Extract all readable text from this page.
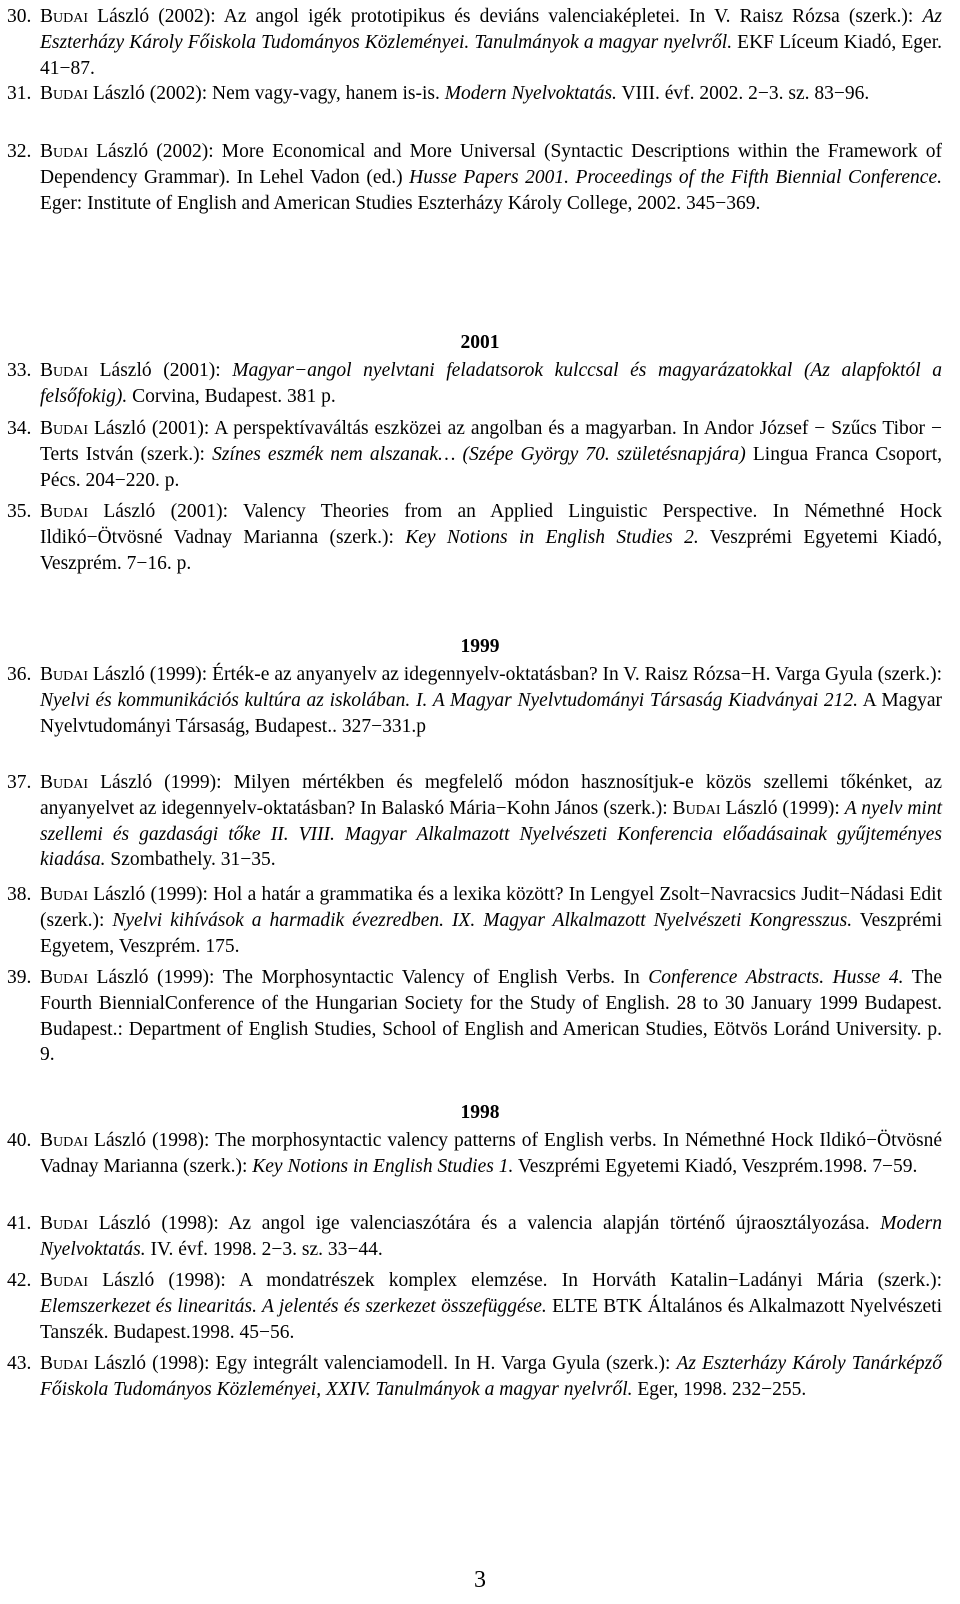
30. Budai László (2002): Az angol igék prototipikus és deviáns valenciaképletei. In V. Raisz Rózsa (szerk.): Az Eszterházy Károly Főiskola Tudományos Közleményei. Tanulmányok a magyar nyelvről. EKF Líceum Kiadó, Eger. 41−87.
31. Budai László (2002): Nem vagy-vagy, hanem is-is. Modern Nyelvoktatás. VIII. évf. 2002. 2−3. sz. 83−96.
32. Budai László (2002): More Economical and More Universal (Syntactic Descriptions within the Framework of Dependency Grammar). In Lehel Vadon (ed.) Husse Papers 2001. Proceedings of the Fifth Biennial Conference. Eger: Institute of English and American Studies Eszterházy Károly College, 2002. 345−369.
2001
33. Budai László (2001): Magyar−angol nyelvtani feladatsorok kulccsal és magyarázatokkal (Az alapfoktól a felsőfokig). Corvina, Budapest. 381 p.
34. Budai László (2001): A perspektívaváltás eszközei az angolban és a magyarban. In Andor József − Szűcs Tibor − Terts István (szerk.): Színes eszmék nem alszanak… (Szépe György 70. születésnapjára) Lingua Franca Csoport, Pécs. 204−220. p.
35. Budai László (2001): Valency Theories from an Applied Linguistic Perspective. In Némethné Hock Ildikó−Ötvösné Vadnay Marianna (szerk.): Key Notions in English Studies 2. Veszprémi Egyetemi Kiadó, Veszprém. 7−16. p.
1999
36. Budai László (1999): Érték-e az anyanyelv az idegennyelv-oktatásban? In V. Raisz Rózsa−H. Varga Gyula (szerk.): Nyelvi és kommunikációs kultúra az iskolában. I. A Magyar Nyelvtudományi Társaság Kiadványai 212. A Magyar Nyelvtudományi Társaság, Budapest.. 327−331.p
37. Budai László (1999): Milyen mértékben és megfelelő módon hasznosítjuk-e közös szellemi tőkénket, az anyanyelvet az idegennyelv-oktatásban? In Balaskó Mária−Kohn János (szerk.): Budai László (1999): A nyelv mint szellemi és gazdasági tőke II. VIII. Magyar Alkalmazott Nyelvészeti Konferencia előadásainak gyűjteményes kiadása. Szombathely. 31−35.
38. Budai László (1999): Hol a határ a grammatika és a lexika között? In Lengyel Zsolt−Navracsics Judit−Nádasi Edit (szerk.): Nyelvi kihívások a harmadik évezredben. IX. Magyar Alkalmazott Nyelvészeti Kongresszus. Veszprémi Egyetem, Veszprém. 175.
39. Budai László (1999): The Morphosyntactic Valency of English Verbs. In Conference Abstracts. Husse 4. The Fourth BiennialConference of the Hungarian Society for the Study of English. 28 to 30 January 1999 Budapest. Budapest.: Department of English Studies, School of English and American Studies, Eötvös Loránd University. p. 9.
1998
40. Budai László (1998): The morphosyntactic valency patterns of English verbs. In Némethné Hock Ildikó−Ötvösné Vadnay Marianna (szerk.): Key Notions in English Studies 1. Veszprémi Egyetemi Kiadó, Veszprém.1998. 7−59.
41. Budai László (1998): Az angol ige valenciaszótára és a valencia alapján történő újraosztályozása. Modern Nyelvoktatás. IV. évf. 1998. 2−3. sz. 33−44.
42. Budai László (1998): A mondatrészek komplex elemzése. In Horváth Katalin−Ladányi Mária (szerk.): Elemszerkezet és linearitás. A jelentés és szerkezet összefüggése. ELTE BTK Általános és Alkalmazott Nyelvészeti Tanszék. Budapest.1998. 45−56.
43. Budai László (1998): Egy integrált valenciamodell. In H. Varga Gyula (szerk.): Az Eszterházy Károly Tanárképző Főiskola Tudományos Közleményei, XXIV. Tanulmányok a magyar nyelvről. Eger, 1998. 232−255.
3
